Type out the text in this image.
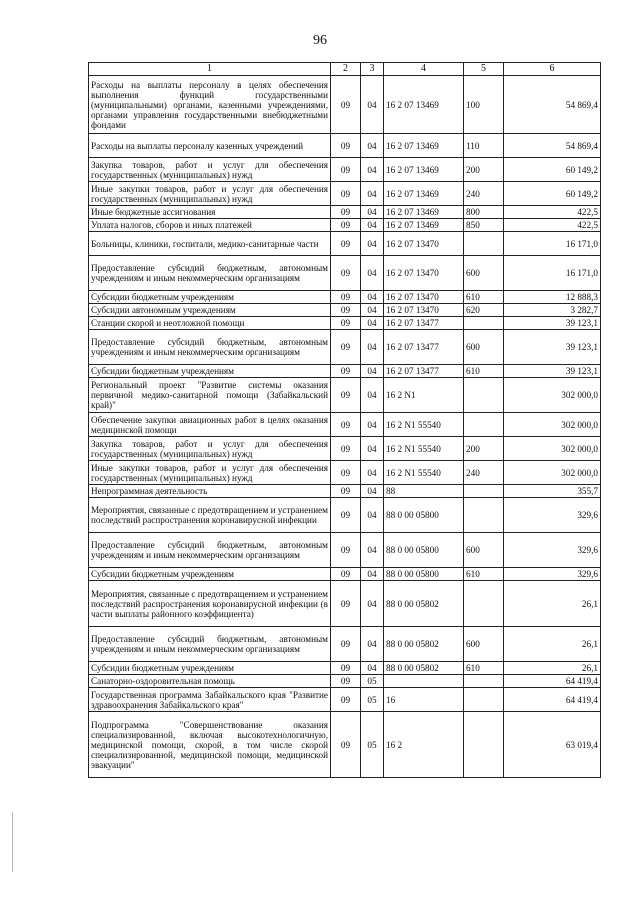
96
1	2	3	4	5	6
Расходы на выплаты персоналу в целях обеспечения выполнения функций государственными (муниципальными) органами, казенными учреждениями, органами управления государственными внебюджетными фондами	09	04	16 2 07 13469	100	54 869,4
Расходы на выплаты персоналу казенных учреждений	09	04	16 2 07 13469	110	54 869,4
Закупка товаров, работ и услуг для обеспечения государственных (муниципальных) нужд	09	04	16 2 07 13469	200	60 149,2
Иные закупки товаров, работ и услуг для обеспечения государственных (муниципальных) нужд	09	04	16 2 07 13469	240	60 149,2
Иные бюджетные ассигнования	09	04	16 2 07 13469	800	422,5
Уплата налогов, сборов и иных платежей	09	04	16 2 07 13469	850	422,5
Больницы, клиники, госпитали, медико-санитарные части	09	04	16 2 07 13470		16 171,0
Предоставление субсидий бюджетным, автономным учреждениям и иным некоммерческим организациям	09	04	16 2 07 13470	600	16 171,0
Субсидии бюджетным учреждениям	09	04	16 2 07 13470	610	12 888,3
Субсидии автономным учреждениям	09	04	16 2 07 13470	620	3 282,7
Станции скорой и неотложной помощи	09	04	16 2 07 13477		39 123,1
Предоставление субсидий бюджетным, автономным учреждениям и иным некоммерческим организациям	09	04	16 2 07 13477	600	39 123,1
Субсидии бюджетным учреждениям	09	04	16 2 07 13477	610	39 123,1
Региональный проект "Развитие системы оказания первичной медико-санитарной помощи (Забайкальский край)"	09	04	16 2 N1		302 000,0
Обеспечение закупки авиационных работ в целях оказания медицинской помощи	09	04	16 2 N1 55540		302 000,0
Закупка товаров, работ и услуг для обеспечения государственных (муниципальных) нужд	09	04	16 2 N1 55540	200	302 000,0
Иные закупки товаров, работ и услуг для обеспечения государственных (муниципальных) нужд	09	04	16 2 N1 55540	240	302 000,0
Непрограммная деятельность	09	04	88		355,7
Мероприятия, связанные с предотвращением и устранением последствий распространения коронавирусной инфекции	09	04	88 0 00 05800		329,6
Предоставление субсидий бюджетным, автономным учреждениям и иным некоммерческим организациям	09	04	88 0 00 05800	600	329,6
Субсидии бюджетным учреждениям	09	04	88 0 00 05800	610	329,6
Мероприятия, связанные с предотвращением и устранением последствий распространения коронавирусной инфекции (в части выплаты районного коэффициента)	09	04	88 0 00 05802		26,1
Предоставление субсидий бюджетным, автономным учреждениям и иным некоммерческим организациям	09	04	88 0 00 05802	600	26,1
Субсидии бюджетным учреждениям	09	04	88 0 00 05802	610	26,1
Санаторно-оздоровительная помощь	09	05			64 419,4
Государственная программа Забайкальского края "Развитие здравоохранения Забайкальского края"	09	05	16		64 419,4
Подпрограмма "Совершенствование оказания специализированной, включая высокотехнологичную, медицинской помощи, скорой, в том числе скорой специализированной, медицинской помощи, медицинской эвакуации"	09	05	16 2		63 019,4
